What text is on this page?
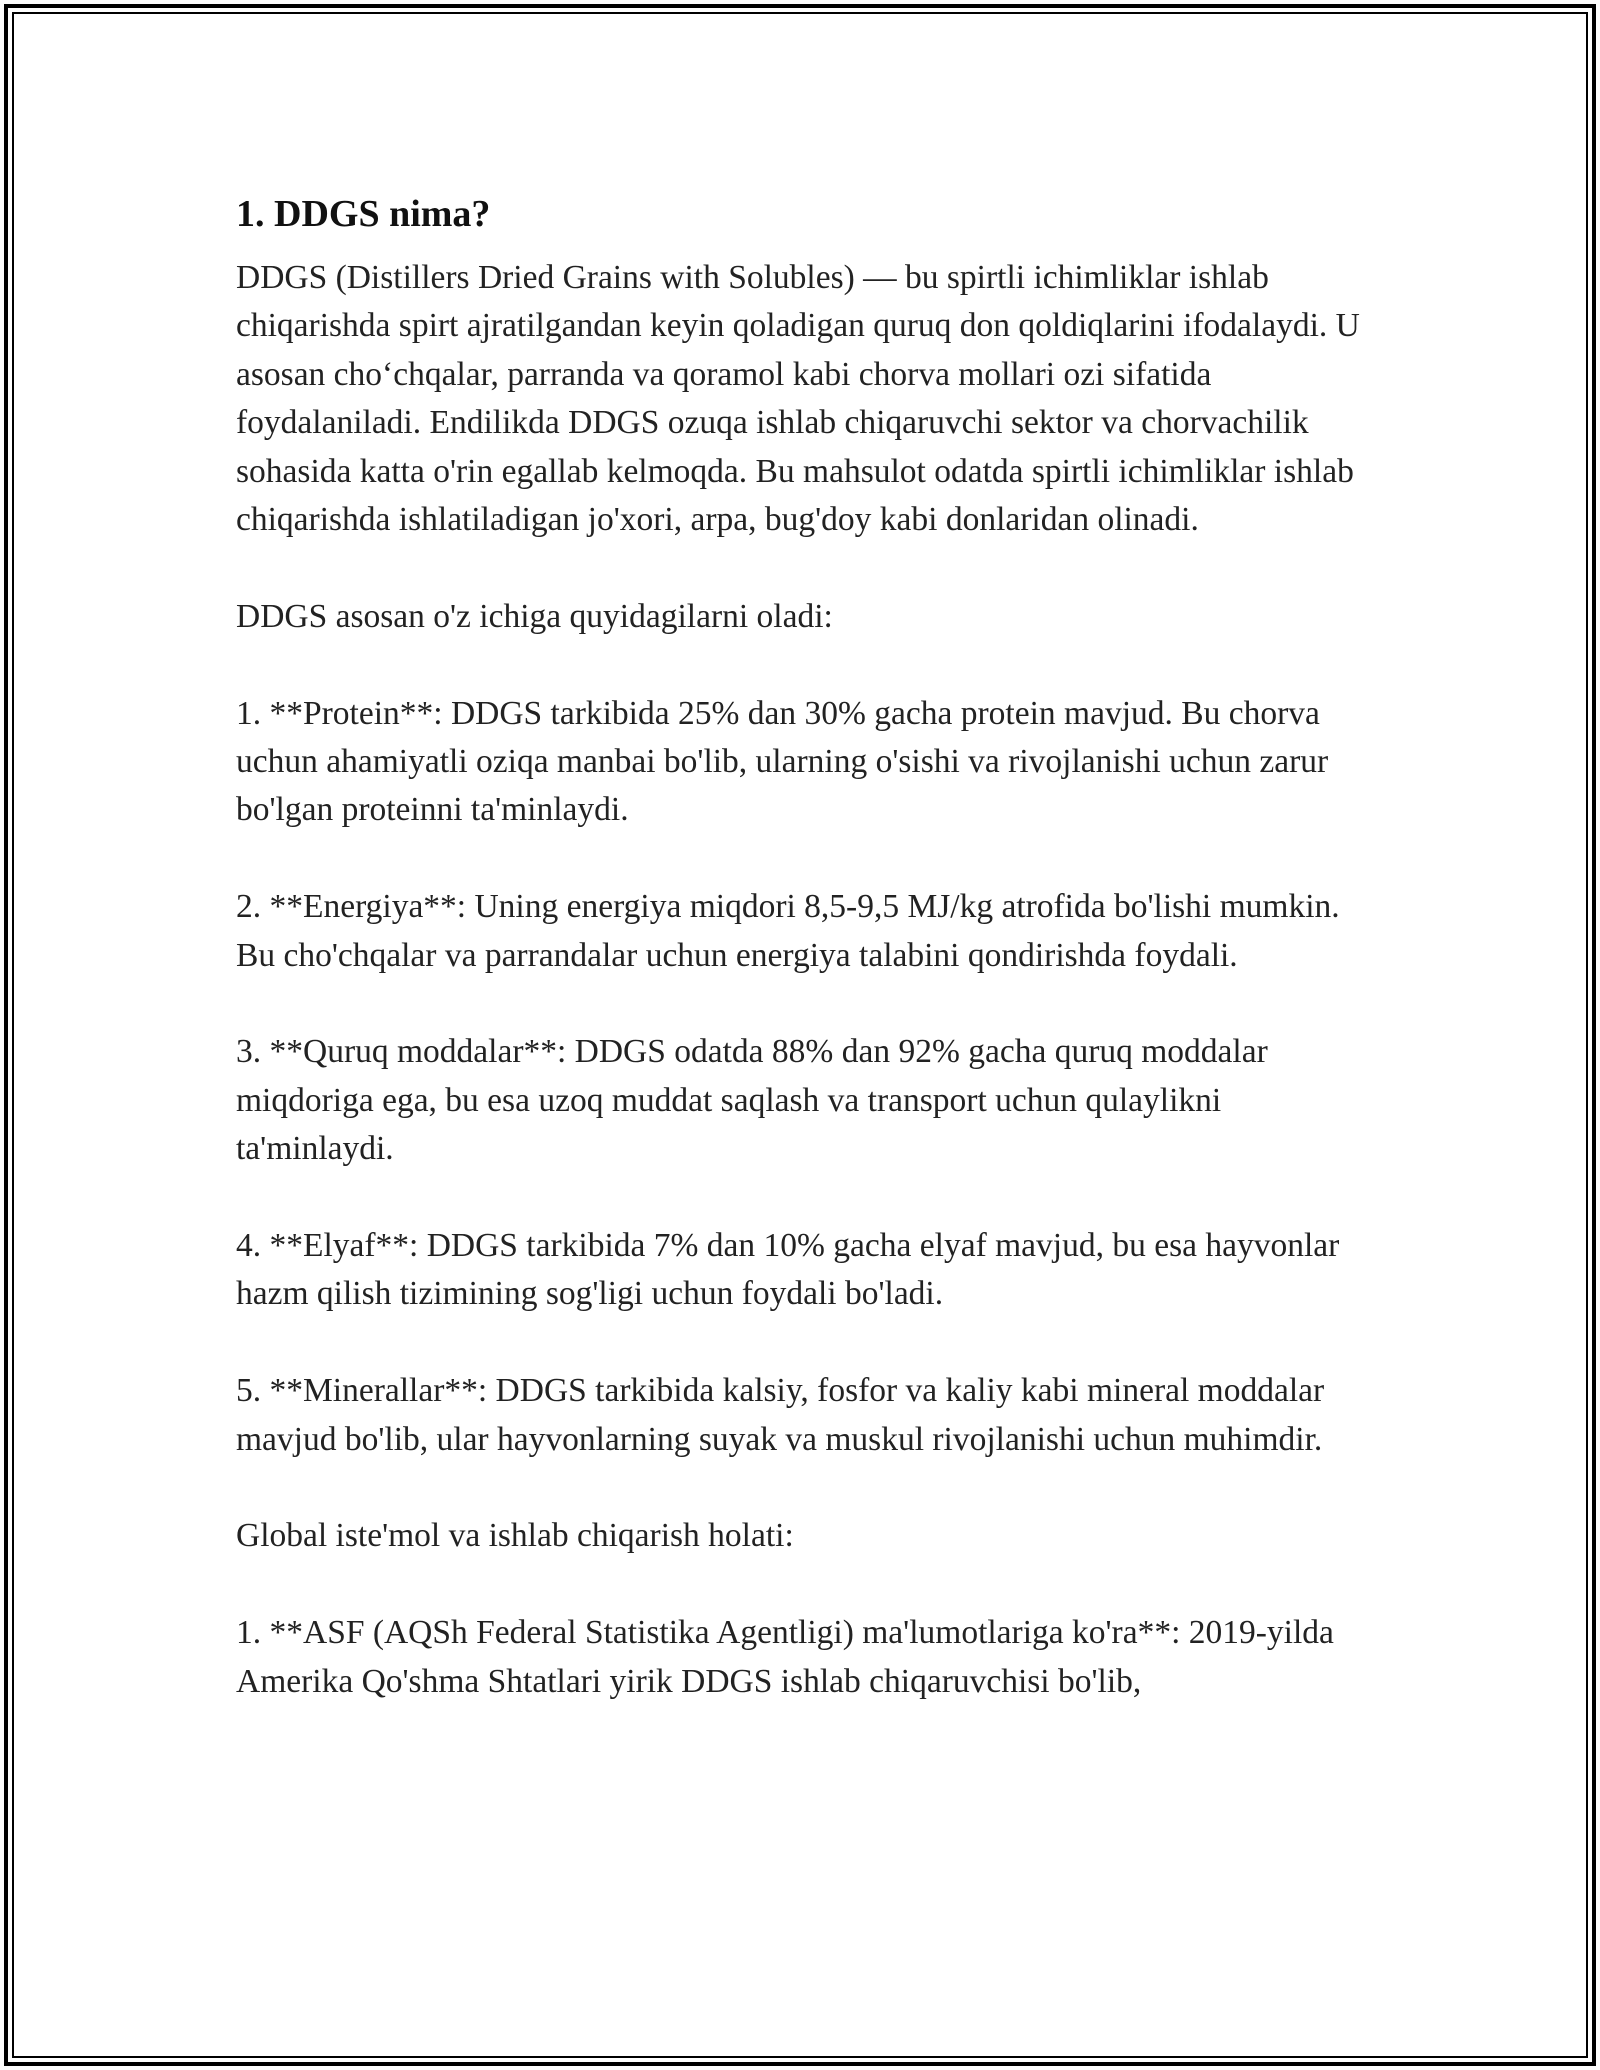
1. DDGS nima?

DDGS (Distillers Dried Grains with Solubles) — bu spirtli ichimliklar ishlab chiqarishda spirt ajratilgandan keyin qoladigan quruq don qoldiqlarini ifodalaydi. U asosan cho‘chqalar, parranda va qoramol kabi chorva mollari ozi sifatida foydalaniladi. Endilikda DDGS ozuqa ishlab chiqaruvchi sektor va chorvachilik sohasida katta o'rin egallab kelmoqda. Bu mahsulot odatda spirtli ichimliklar ishlab chiqarishda ishlatiladigan jo'xori, arpa, bug'doy kabi donlaridan olinadi.

DDGS asosan o'z ichiga quyidagilarni oladi:

1. **Protein**: DDGS tarkibida 25% dan 30% gacha protein mavjud. Bu chorva uchun ahamiyatli oziqa manbai bo'lib, ularning o'sishi va rivojlanishi uchun zarur bo'lgan proteinni ta'minlaydi.

2. **Energiya**: Uning energiya miqdori 8,5-9,5 MJ/kg atrofida bo'lishi mumkin. Bu cho'chqalar va parrandalar uchun energiya talabini qondirishda foydali.

3. **Quruq moddalar**: DDGS odatda 88% dan 92% gacha quruq moddalar miqdoriga ega, bu esa uzoq muddat saqlash va transport uchun qulaylikni ta'minlaydi.

4. **Elyaf**: DDGS tarkibida 7% dan 10% gacha elyaf mavjud, bu esa hayvonlar hazm qilish tizimining sog'ligi uchun foydali bo'ladi.

5. **Minerallar**: DDGS tarkibida kalsiy, fosfor va kaliy kabi mineral moddalar mavjud bo'lib, ular hayvonlarning suyak va muskul rivojlanishi uchun muhimdir.

Global iste'mol va ishlab chiqarish holati:

1. **ASF (AQSh Federal Statistika Agentligi) ma'lumotlariga ko'ra**: 2019-yilda Amerika Qo'shma Shtatlari yirik DDGS ishlab chiqaruvchisi bo'lib,
